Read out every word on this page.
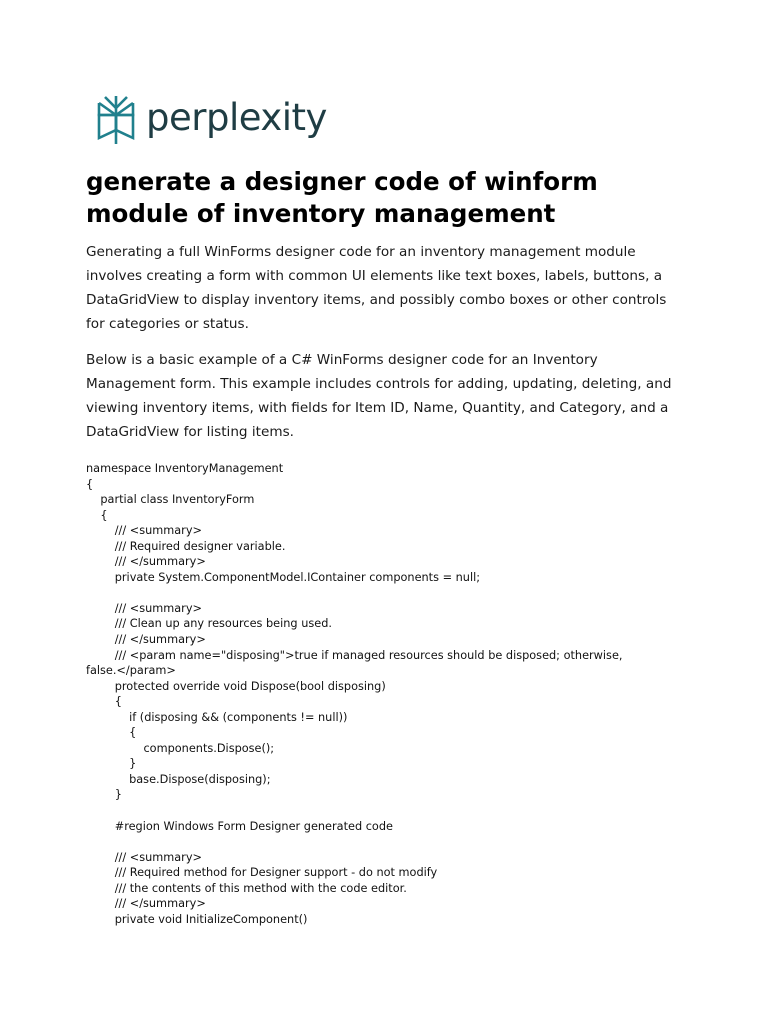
perplexity
generate a designer code of winform module of inventory management

Generating a full WinForms designer code for an inventory management module involves creating a form with common UI elements like text boxes, labels, buttons, a DataGridView to display inventory items, and possibly combo boxes or other controls for categories or status.

Below is a basic example of a C# WinForms designer code for an Inventory Management form. This example includes controls for adding, updating, deleting, and viewing inventory items, with fields for Item ID, Name, Quantity, and Category, and a DataGridView for listing items.

namespace InventoryManagement
{
partial class InventoryForm
{
/// <summary>
/// Required designer variable.
/// </summary>
private System.ComponentModel.IContainer components = null;
/// <summary>
/// Clean up any resources being used.
/// </summary>
/// <param name="disposing">true if managed resources should be disposed; otherwise, false.</param>
protected override void Dispose(bool disposing)
{
if (disposing && (components != null))
{
components.Dispose();
}
base.Dispose(disposing);
}
#region Windows Form Designer generated code
/// <summary>
/// Required method for Designer support - do not modify
/// the contents of this method with the code editor.
/// </summary>
private void InitializeComponent()
